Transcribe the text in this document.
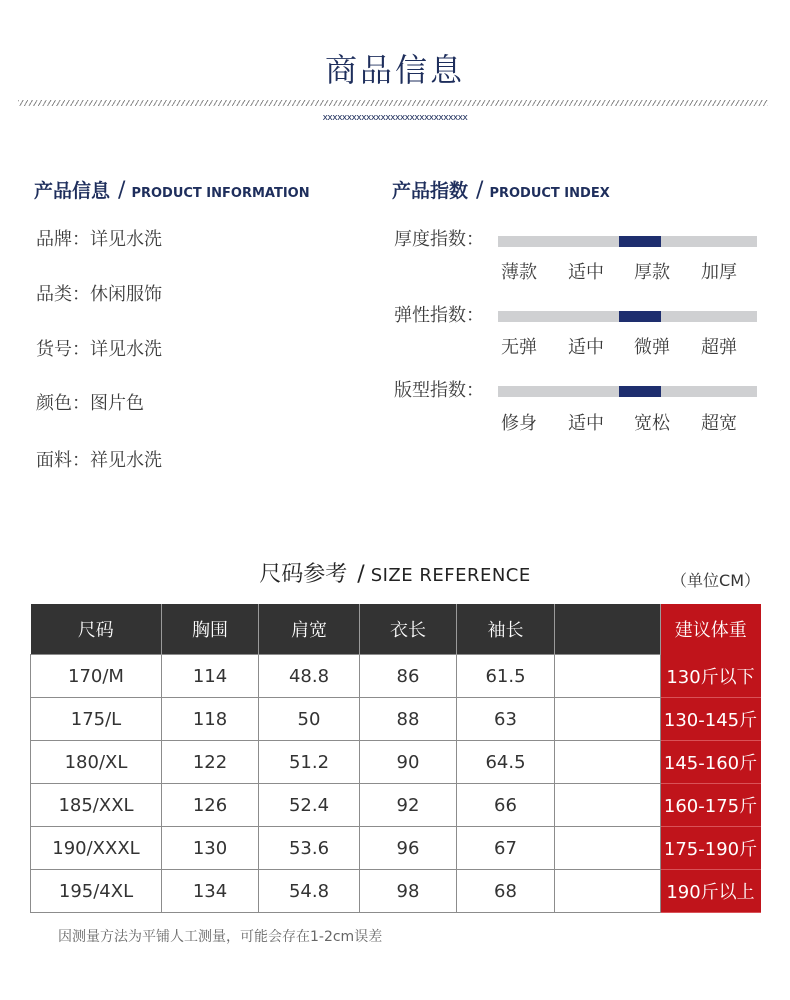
商品信息
xxxxxxxxxxxxxxxxxxxxxxxxxxxxxx
产品信息 / PRODUCT INFORMATION
品牌：详见水洗
品类：休闲服饰
货号：详见水洗
颜色：图片色
面料：祥见水洗
产品指数 / PRODUCT INDEX
厚度指数：
薄款	适中	厚款	加厚
弹性指数：
无弹	适中	微弹	超弹
版型指数：
修身	适中	宽松	超宽
尺码参考 / SIZE REFERENCE	（单位CM）
尺码	胸围	肩宽	衣长	袖长		建议体重
170/M	114	48.8	86	61.5		130斤以下
175/L	118	50	88	63		130-145斤
180/XL	122	51.2	90	64.5		145-160斤
185/XXL	126	52.4	92	66		160-175斤
190/XXXL	130	53.6	96	67		175-190斤
195/4XL	134	54.8	98	68		190斤以上
因测量方法为平铺人工测量，可能会存在1-2cm误差
